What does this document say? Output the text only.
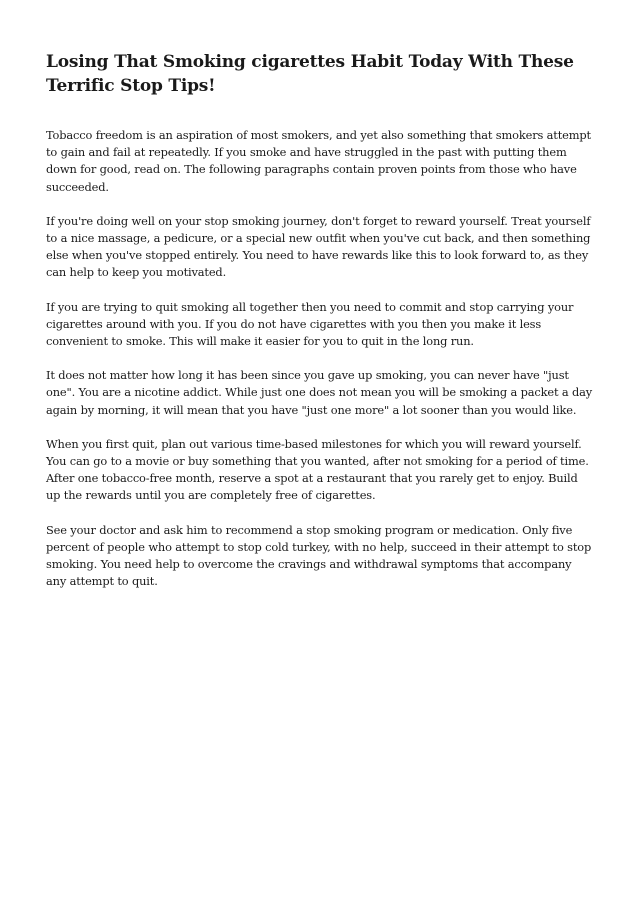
Losing That Smoking cigarettes Habit Today With These Terrific Stop Tips!

Tobacco freedom is an aspiration of most smokers, and yet also something that smokers attempt to gain and fail at repeatedly. If you smoke and have struggled in the past with putting them down for good, read on. The following paragraphs contain proven points from those who have succeeded.

If you're doing well on your stop smoking journey, don't forget to reward yourself. Treat yourself to a nice massage, a pedicure, or a special new outfit when you've cut back, and then something else when you've stopped entirely. You need to have rewards like this to look forward to, as they can help to keep you motivated.

If you are trying to quit smoking all together then you need to commit and stop carrying your cigarettes around with you. If you do not have cigarettes with you then you make it less convenient to smoke. This will make it easier for you to quit in the long run.

It does not matter how long it has been since you gave up smoking, you can never have "just one". You are a nicotine addict. While just one does not mean you will be smoking a packet a day again by morning, it will mean that you have "just one more" a lot sooner than you would like.

When you first quit, plan out various time-based milestones for which you will reward yourself. You can go to a movie or buy something that you wanted, after not smoking for a period of time. After one tobacco-free month, reserve a spot at a restaurant that you rarely get to enjoy. Build up the rewards until you are completely free of cigarettes.

See your doctor and ask him to recommend a stop smoking program or medication. Only five percent of people who attempt to stop cold turkey, with no help, succeed in their attempt to stop smoking. You need help to overcome the cravings and withdrawal symptoms that accompany any attempt to quit.
